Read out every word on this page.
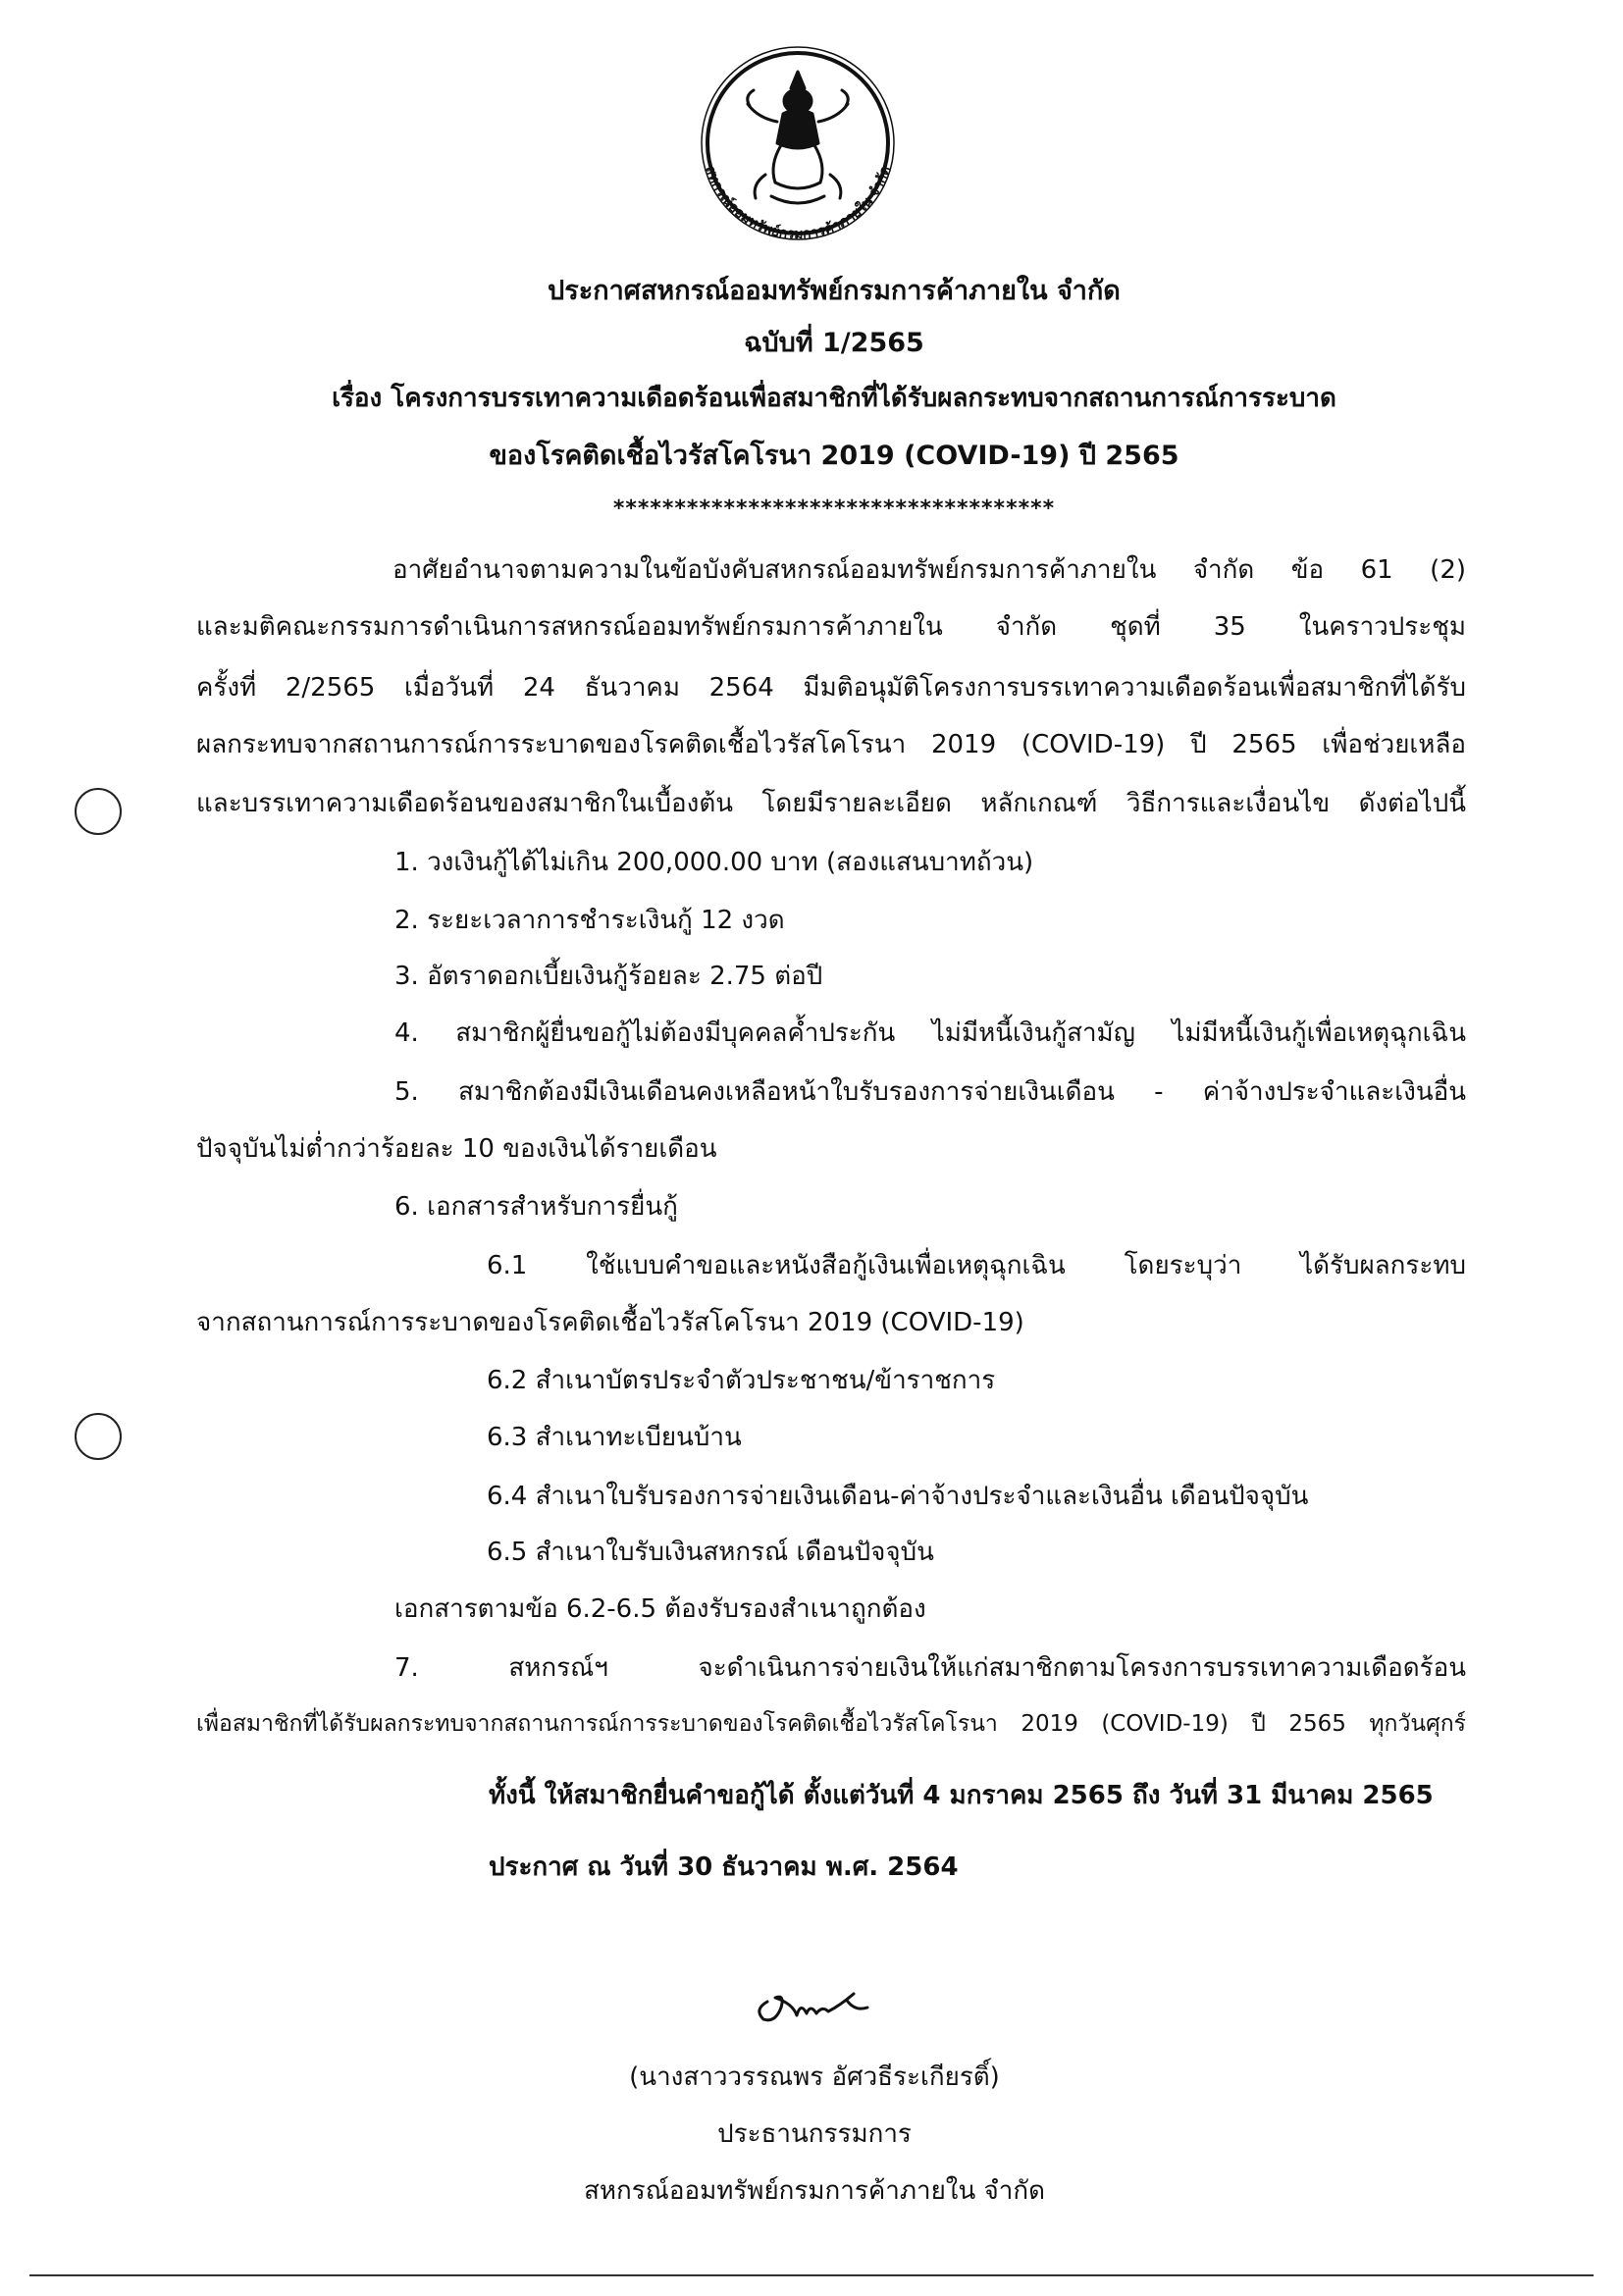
สหกรณ์ออมทรัพย์กรมการค้าภายใน จำกัด
ประกาศสหกรณ์ออมทรัพย์กรมการค้าภายใน จำกัด
ฉบับที่ 1/2565
เรื่อง โครงการบรรเทาความเดือดร้อนเพื่อสมาชิกที่ได้รับผลกระทบจากสถานการณ์การระบาด
ของโรคติดเชื้อไวรัสโคโรนา 2019 (COVID-19) ปี 2565
************************************
อาศัยอำนาจตามความในข้อบังคับสหกรณ์ออมทรัพย์กรมการค้าภายใน จำกัด ข้อ 61 (2)
และมติคณะกรรมการดำเนินการสหกรณ์ออมทรัพย์กรมการค้าภายใน จำกัด ชุดที่ 35 ในคราวประชุม
ครั้งที่ 2/2565 เมื่อวันที่ 24 ธันวาคม 2564 มีมติอนุมัติโครงการบรรเทาความเดือดร้อนเพื่อสมาชิกที่ได้รับ
ผลกระทบจากสถานการณ์การระบาดของโรคติดเชื้อไวรัสโคโรนา 2019 (COVID-19) ปี 2565 เพื่อช่วยเหลือ
และบรรเทาความเดือดร้อนของสมาชิกในเบื้องต้น โดยมีรายละเอียด หลักเกณฑ์ วิธีการและเงื่อนไข ดังต่อไปนี้
1. วงเงินกู้ได้ไม่เกิน 200,000.00 บาท (สองแสนบาทถ้วน)
2. ระยะเวลาการชำระเงินกู้ 12 งวด
3. อัตราดอกเบี้ยเงินกู้ร้อยละ 2.75 ต่อปี
4. สมาชิกผู้ยื่นขอกู้ไม่ต้องมีบุคคลค้ำประกัน ไม่มีหนี้เงินกู้สามัญ ไม่มีหนี้เงินกู้เพื่อเหตุฉุกเฉิน
5. สมาชิกต้องมีเงินเดือนคงเหลือหน้าใบรับรองการจ่ายเงินเดือน - ค่าจ้างประจำและเงินอื่น
ปัจจุบันไม่ต่ำกว่าร้อยละ 10 ของเงินได้รายเดือน
6. เอกสารสำหรับการยื่นกู้
6.1 ใช้แบบคำขอและหนังสือกู้เงินเพื่อเหตุฉุกเฉิน โดยระบุว่า ได้รับผลกระทบ
จากสถานการณ์การระบาดของโรคติดเชื้อไวรัสโคโรนา 2019 (COVID-19)
6.2 สำเนาบัตรประจำตัวประชาชน/ข้าราชการ
6.3 สำเนาทะเบียนบ้าน
6.4 สำเนาใบรับรองการจ่ายเงินเดือน-ค่าจ้างประจำและเงินอื่น เดือนปัจจุบัน
6.5 สำเนาใบรับเงินสหกรณ์ เดือนปัจจุบัน
เอกสารตามข้อ 6.2-6.5 ต้องรับรองสำเนาถูกต้อง
7. สหกรณ์ฯ จะดำเนินการจ่ายเงินให้แก่สมาชิกตามโครงการบรรเทาความเดือดร้อน
เพื่อสมาชิกที่ได้รับผลกระทบจากสถานการณ์การระบาดของโรคติดเชื้อไวรัสโคโรนา 2019 (COVID-19) ปี 2565 ทุกวันศุกร์
ทั้งนี้ ให้สมาชิกยื่นคำขอกู้ได้ ตั้งแต่วันที่ 4 มกราคม 2565 ถึง วันที่ 31 มีนาคม 2565
ประกาศ ณ วันที่ 30 ธันวาคม พ.ศ. 2564
(นางสาววรรณพร อัศวธีระเกียรติ์)
ประธานกรรมการ
สหกรณ์ออมทรัพย์กรมการค้าภายใน จำกัด
